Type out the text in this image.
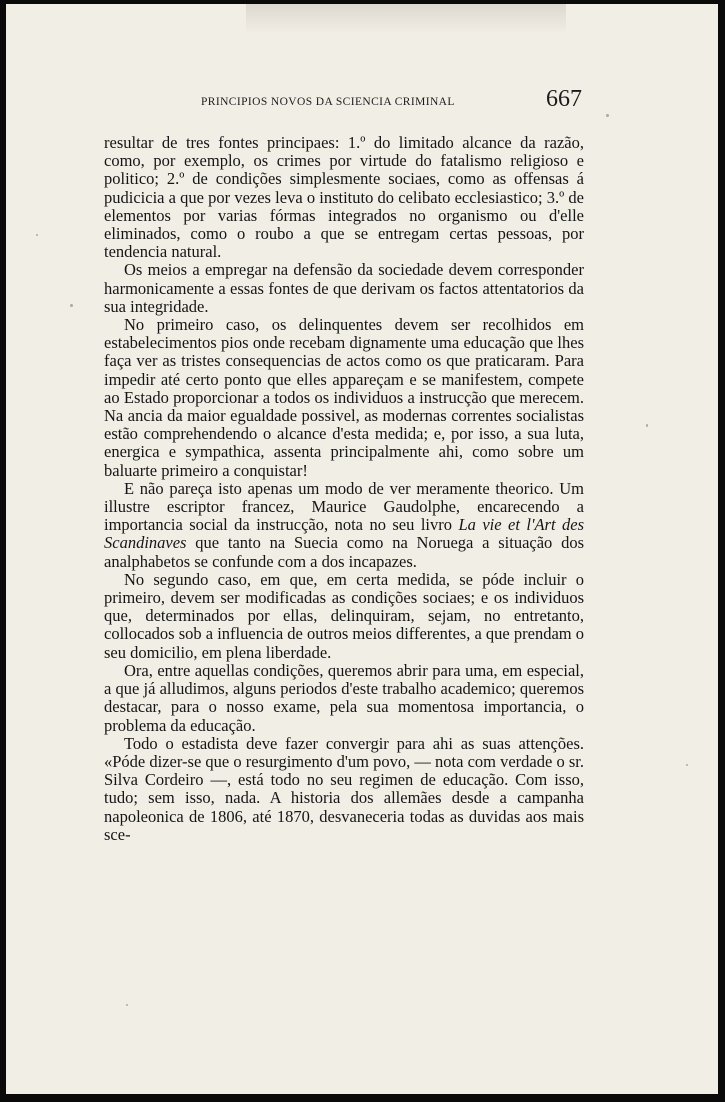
PRINCIPIOS NOVOS DA SCIENCIA CRIMINAL	667

resultar de tres fontes principaes: 1.º do limitado alcance da razão, como, por exemplo, os crimes por virtude do fatalismo religioso e politico; 2.º de condições simplesmente sociaes, como as offensas á pudicicia a que por vezes leva o instituto do celibato ecclesiastico; 3.º de elementos por varias fórmas integrados no organismo ou d'elle eliminados, como o roubo a que se entregam certas pessoas, por tendencia natural.

Os meios a empregar na defensão da sociedade devem corresponder harmonicamente a essas fontes de que derivam os factos attentatorios da sua integridade.

No primeiro caso, os delinquentes devem ser recolhidos em estabelecimentos pios onde recebam dignamente uma educação que lhes faça ver as tristes consequencias de actos como os que praticaram. Para impedir até certo ponto que elles appareçam e se manifestem, compete ao Estado proporcionar a todos os individuos a instrucção que merecem. Na ancia da maior egualdade possivel, as modernas correntes socialistas estão comprehendendo o alcance d'esta medida; e, por isso, a sua luta, energica e sympathica, assenta principalmente ahi, como sobre um baluarte primeiro a conquistar!

E não pareça isto apenas um modo de ver meramente theorico. Um illustre escriptor francez, Maurice Gaudolphe, encarecendo a importancia social da instrucção, nota no seu livro La vie et l'Art des Scandinaves que tanto na Suecia como na Noruega a situação dos analphabetos se confunde com a dos incapazes.

No segundo caso, em que, em certa medida, se póde incluir o primeiro, devem ser modificadas as condições sociaes; e os individuos que, determinados por ellas, delinquiram, sejam, no entretanto, collocados sob a influencia de outros meios differentes, a que prendam o seu domicilio, em plena liberdade.

Ora, entre aquellas condições, queremos abrir para uma, em especial, a que já alludimos, alguns periodos d'este trabalho academico; queremos destacar, para o nosso exame, pela sua momentosa importancia, o problema da educação.

Todo o estadista deve fazer convergir para ahi as suas attenções. «Póde dizer-se que o resurgimento d'um povo, — nota com verdade o sr. Silva Cordeiro —, está todo no seu regimen de educação. Com isso, tudo; sem isso, nada. A historia dos allemães desde a campanha napoleonica de 1806, até 1870, desvaneceria todas as duvidas aos mais sce-
